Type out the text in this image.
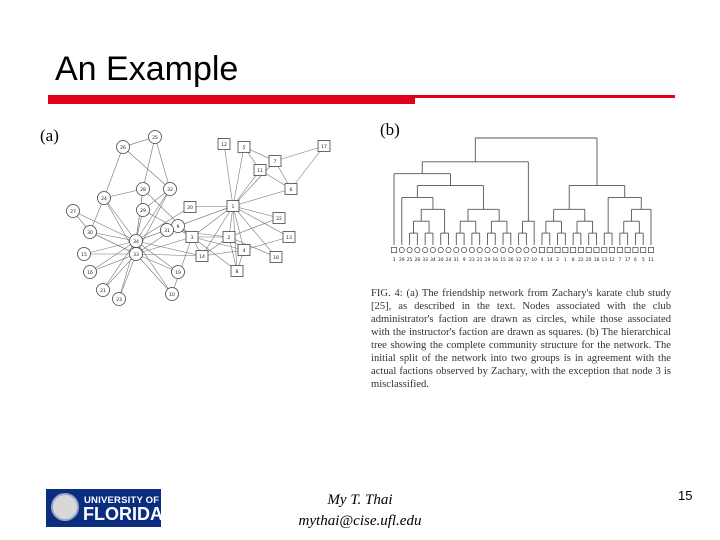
An Example
25
26
12
5
7
11
17
6
28	32
24
27	29
20	1
22
30
9
31
3	2	13
34
15	33	14
4
18
16	19	8
21
23
10
3 29 25 28 33 34 30 24 31 9 23 21 19 16 15 26 32 27 10 4 14 2 1 8 22 20 18 13 12 7 17 6 5 11
(a)	(b)

FIG. 4: (a) The friendship network from Zachary's karate club study [25], as described in the text. Nodes associated with the club administrator's faction are drawn as circles, while those associated with the instructor's faction are drawn as squares. (b) The hierarchical tree showing the complete community structure for the network. The initial split of the network into two groups is in agreement with the actual factions observed by Zachary, with the exception that node 3 is misclassified.

UNIVERSITY OF
FLORIDA
My T. Thai
mythai@cise.ufl.edu
15
